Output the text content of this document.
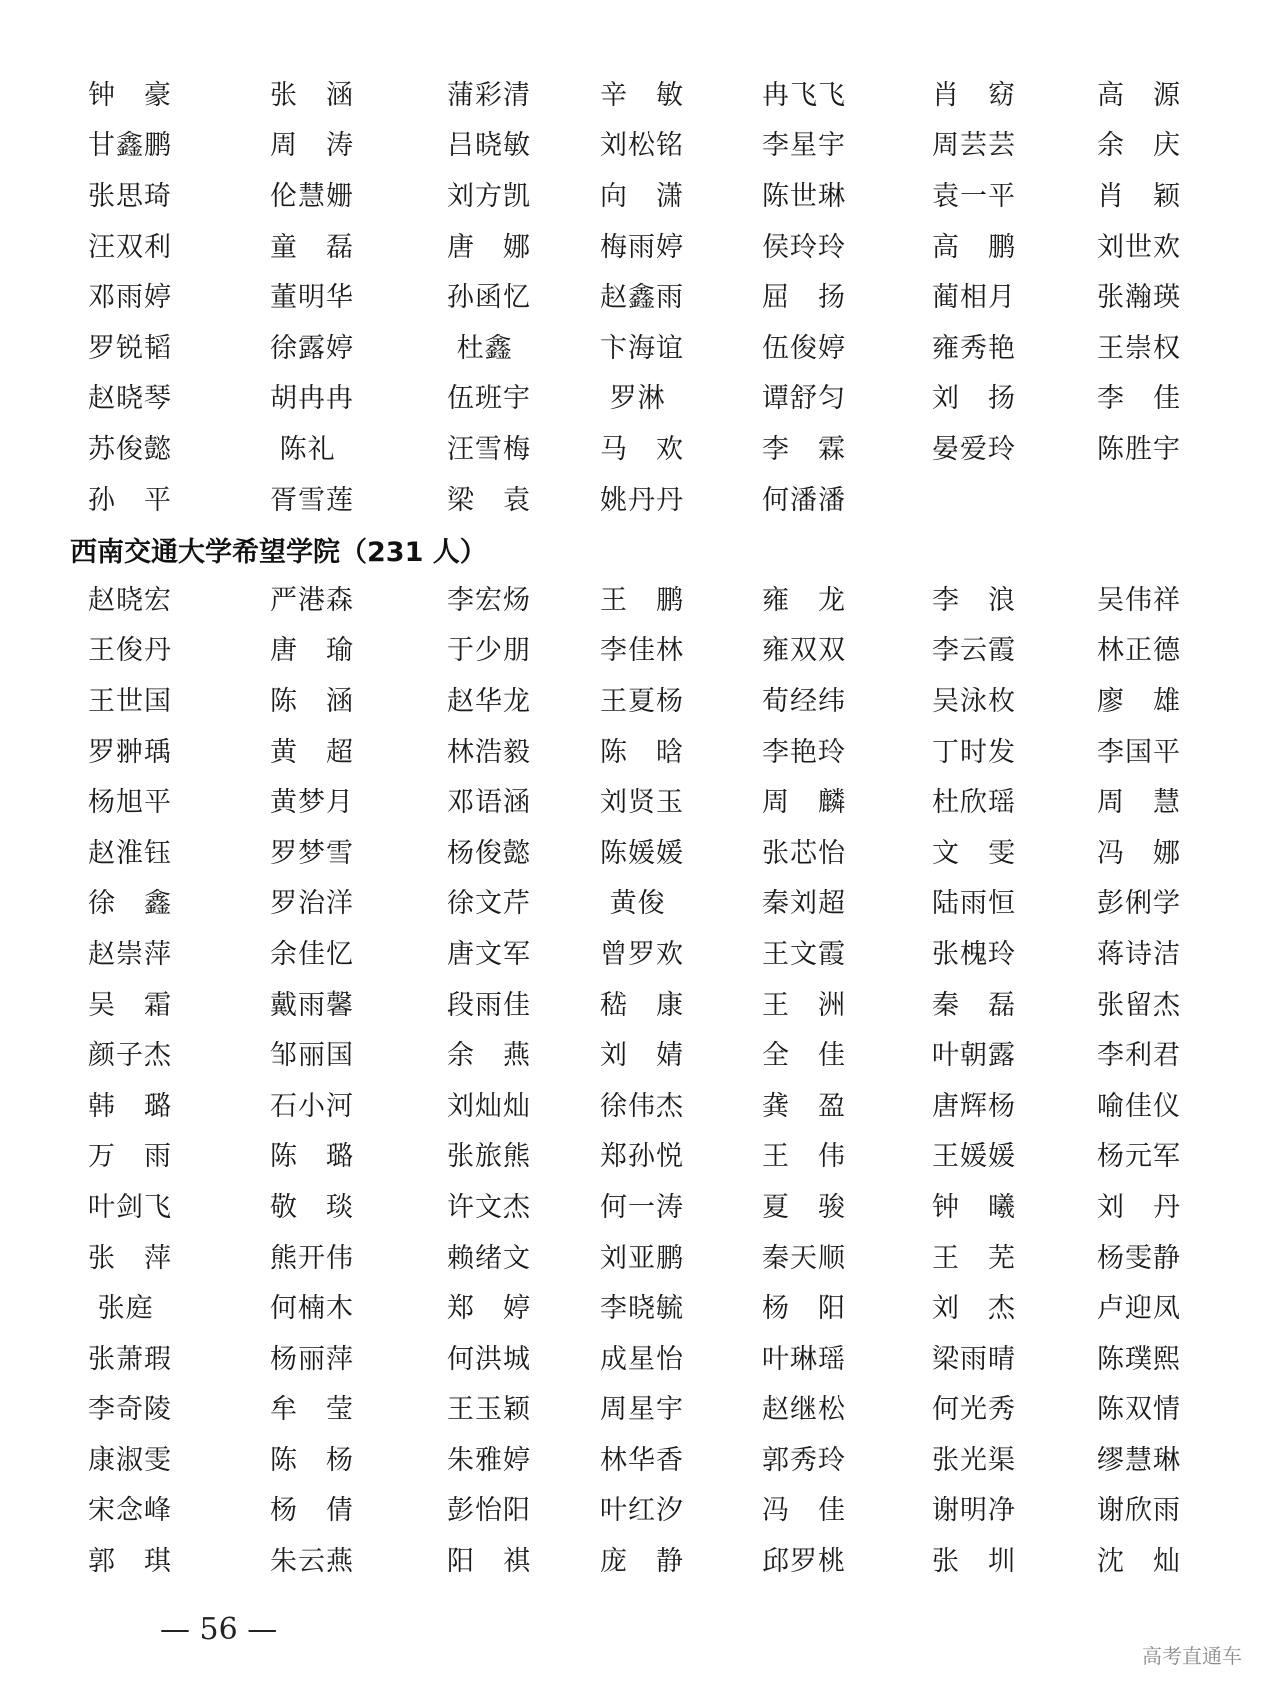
钟　豪	张　涵	蒲彩清	辛　敏	冉飞飞	肖　窈	高　源
甘鑫鹏	周　涛	吕晓敏	刘松铭	李星宇	周芸芸	余　庆
张思琦	伦慧姗	刘方凯	向　潇	陈世琳	袁一平	肖　颖
汪双利	童　磊	唐　娜	梅雨婷	侯玲玲	高　鹏	刘世欢
邓雨婷	董明华	孙函忆	赵鑫雨	屈　扬	蔺相月	张瀚瑛
罗锐韬	徐露婷	杜鑫	卞海谊	伍俊婷	雍秀艳	王崇权
赵晓琴	胡冉冉	伍班宇	罗淋	谭舒匀	刘　扬	李　佳
苏俊懿	陈礼	汪雪梅	马　欢	李　霖	晏爱玲	陈胜宇
孙　平	胥雪莲	梁　袁	姚丹丹	何潘潘
西南交通大学希望学院（231 人）
赵晓宏	严港森	李宏炀	王　鹏	雍　龙	李　浪	吴伟祥
王俊丹	唐　瑜	于少朋	李佳林	雍双双	李云霞	林正德
王世国	陈　涵	赵华龙	王夏杨	荀经纬	吴泳枚	廖　雄
罗翀瑀	黄　超	林浩毅	陈　晗	李艳玲	丁时发	李国平
杨旭平	黄梦月	邓语涵	刘贤玉	周　麟	杜欣瑶	周　慧
赵淮钰	罗梦雪	杨俊懿	陈媛媛	张芯怡	文　雯	冯　娜
徐　鑫	罗治洋	徐文芹	黄俊	秦刘超	陆雨恒	彭俐学
赵崇萍	余佳忆	唐文军	曾罗欢	王文霞	张槐玲	蒋诗洁
吴　霜	戴雨馨	段雨佳	嵇　康	王　洲	秦　磊	张留杰
颜子杰	邹丽国	余　燕	刘　婧	全　佳	叶朝露	李利君
韩　璐	石小河	刘灿灿	徐伟杰	龚　盈	唐辉杨	喻佳仪
万　雨	陈　璐	张旅熊	郑孙悦	王　伟	王媛媛	杨元军
叶剑飞	敬　琰	许文杰	何一涛	夏　骏	钟　曦	刘　丹
张　萍	熊开伟	赖绪文	刘亚鹏	秦天顺	王　芜	杨雯静
张庭	何楠木	郑　婷	李晓毓	杨　阳	刘　杰	卢迎凤
张萧瑕	杨丽萍	何洪城	成星怡	叶琳瑶	梁雨晴	陈璞熙
李奇陵	牟　莹	王玉颖	周星宇	赵继松	何光秀	陈双情
康淑雯	陈　杨	朱雅婷	林华香	郭秀玲	张光渠	缪慧琳
宋念峰	杨　倩	彭怡阳	叶红汐	冯　佳	谢明净	谢欣雨
郭　琪	朱云燕	阳　祺	庞　静	邱罗桃	张　圳	沈　灿
— 56 —
高考直通车
